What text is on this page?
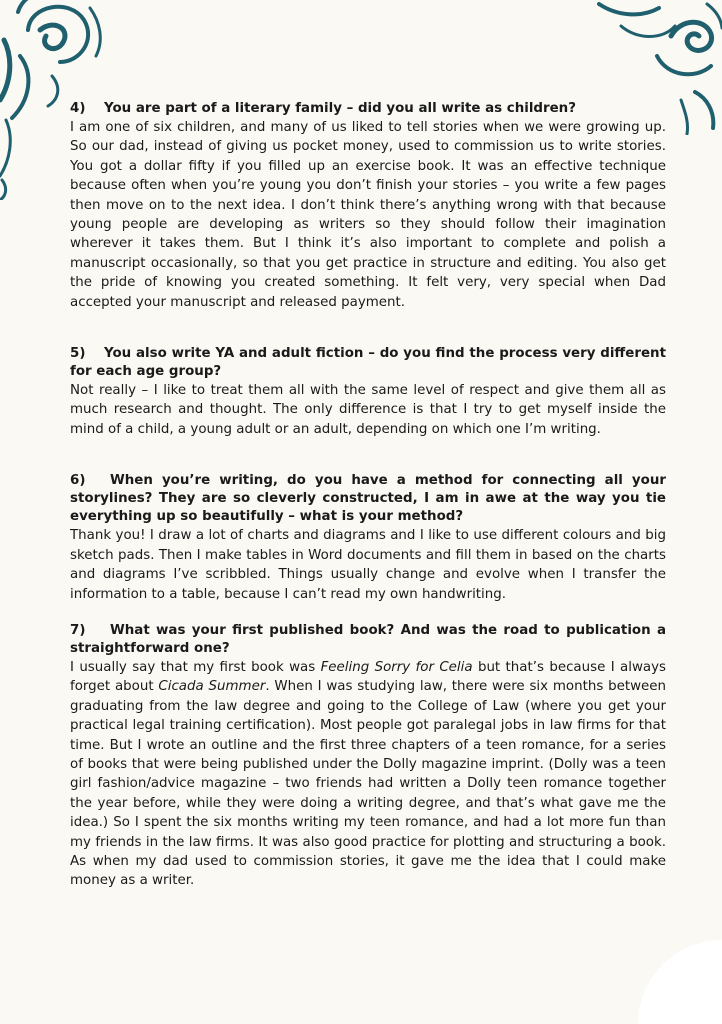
4) You are part of a literary family – did you all write as children?

I am one of six children, and many of us liked to tell stories when we were growing up. So our dad, instead of giving us pocket money, used to commission us to write stories. You got a dollar fifty if you filled up an exercise book. It was an effective technique because often when you’re young you don’t finish your stories – you write a few pages then move on to the next idea. I don’t think there’s anything wrong with that because young people are developing as writers so they should follow their imagination wherever it takes them. But I think it’s also important to complete and polish a manuscript occasionally, so that you get practice in structure and editing. You also get the pride of knowing you created something. It felt very, very special when Dad accepted your manuscript and released payment.

5) You also write YA and adult fiction – do you find the process very different for each age group?

Not really – I like to treat them all with the same level of respect and give them all as much research and thought. The only difference is that I try to get myself inside the mind of a child, a young adult or an adult, depending on which one I’m writing.

6) When you’re writing, do you have a method for connecting all your storylines? They are so cleverly constructed, I am in awe at the way you tie everything up so beautifully – what is your method?

Thank you! I draw a lot of charts and diagrams and I like to use different colours and big sketch pads. Then I make tables in Word documents and fill them in based on the charts and diagrams I’ve scribbled. Things usually change and evolve when I transfer the information to a table, because I can’t read my own handwriting.

7) What was your first published book? And was the road to publication a straightforward one?

I usually say that my first book was Feeling Sorry for Celia but that’s because I always forget about Cicada Summer. When I was studying law, there were six months between graduating from the law degree and going to the College of Law (where you get your practical legal training certification). Most people got paralegal jobs in law firms for that time. But I wrote an outline and the first three chapters of a teen romance, for a series of books that were being published under the Dolly magazine imprint. (Dolly was a teen girl fashion/advice magazine – two friends had written a Dolly teen romance together the year before, while they were doing a writing degree, and that’s what gave me the idea.) So I spent the six months writing my teen romance, and had a lot more fun than my friends in the law firms. It was also good practice for plotting and structuring a book. As when my dad used to commission stories, it gave me the idea that I could make money as a writer.
